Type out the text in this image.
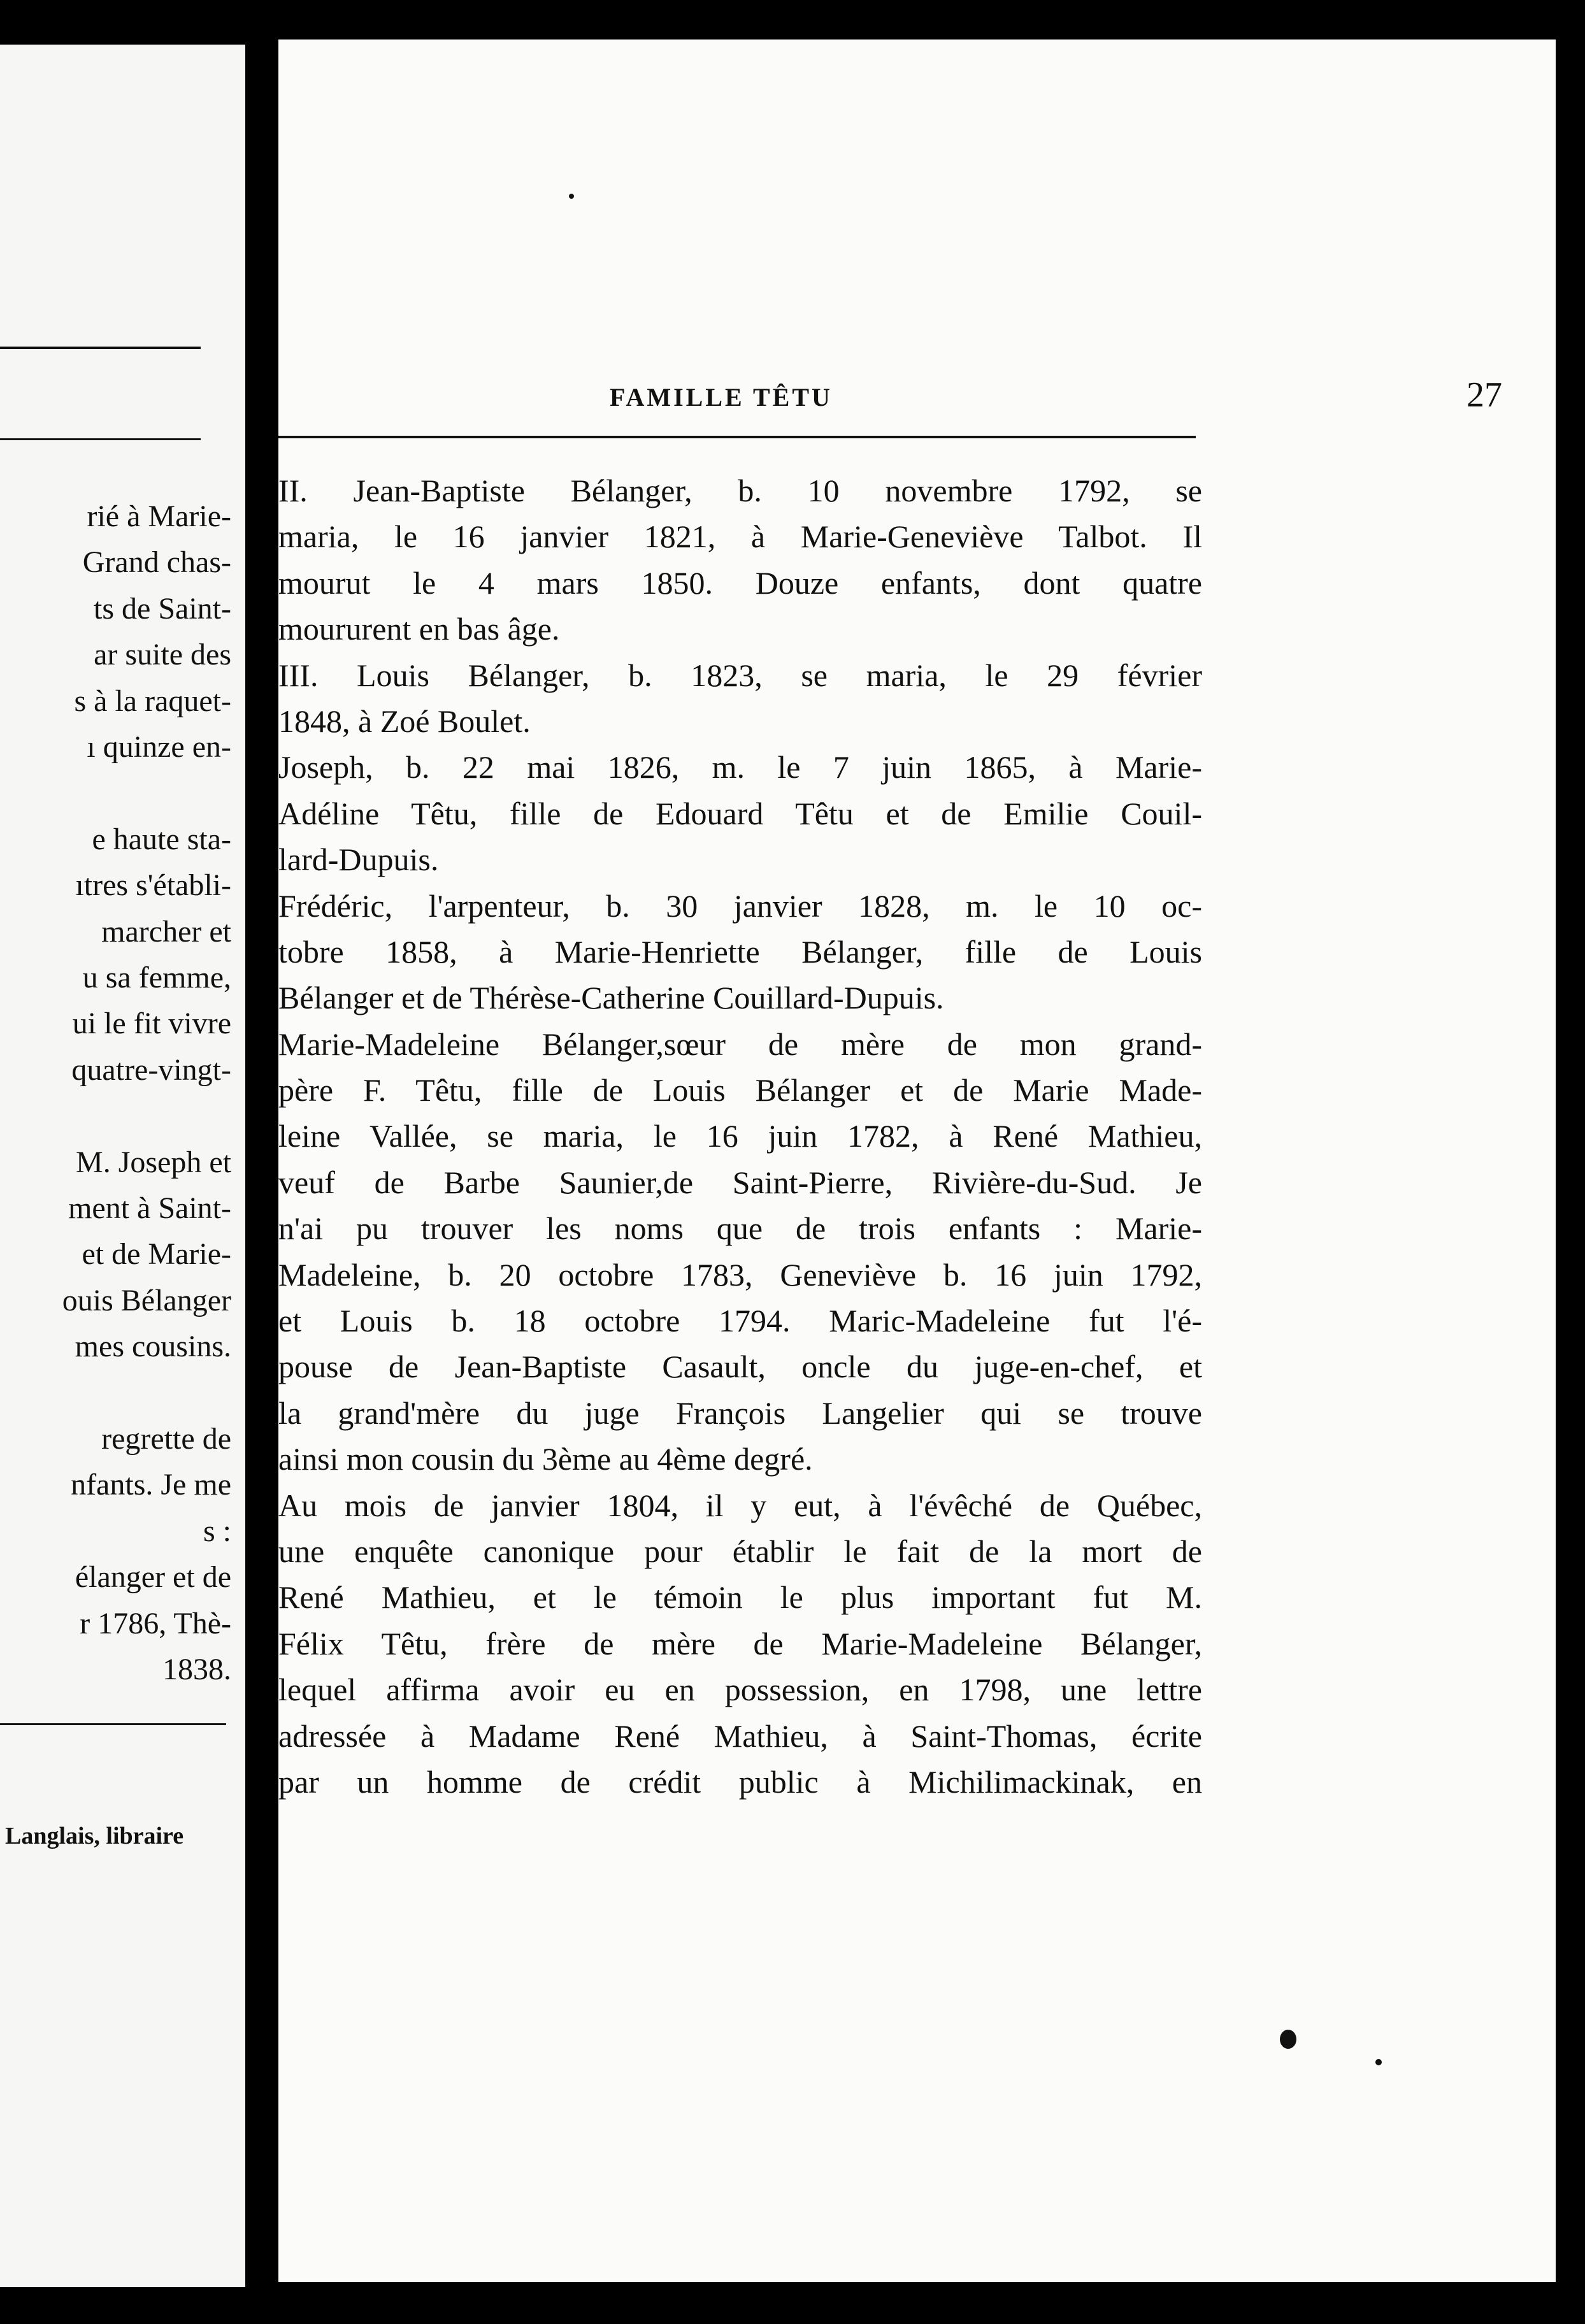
rié à Marie-
Grand chas-
ts de Saint-
ar suite des
s à la raquet-
ı quinze en-
e haute sta-
ıtres s'établi-
marcher et
u sa femme,
ui le fit vivre
quatre-vingt-
M. Joseph et
ment à Saint-
et de Marie-
ouis Bélanger
mes cousins.
regrette de
nfants. Je me
s :
élanger et de
r 1786, Thè-
1838.
Langlais, libraire
FAMILLE TÊTU	27
II. Jean-Baptiste Bélanger, b. 10 novembre 1792, se
maria, le 16 janvier 1821, à Marie-Geneviève Talbot. Il
mourut le 4 mars 1850. Douze enfants, dont quatre
moururent en bas âge.
III. Louis Bélanger, b. 1823, se maria, le 29 février
1848, à Zoé Boulet.
Joseph, b. 22 mai 1826, m. le 7 juin 1865, à Marie-
Adéline Têtu, fille de Edouard Têtu et de Emilie Couil-
lard-Dupuis.
Frédéric, l'arpenteur, b. 30 janvier 1828, m. le 10 oc-
tobre 1858, à Marie-Henriette Bélanger, fille de Louis
Bélanger et de Thérèse-Catherine Couillard-Dupuis.
Marie-Madeleine Bélanger,sœur de mère de mon grand-
père F. Têtu, fille de Louis Bélanger et de Marie Made-
leine Vallée, se maria, le 16 juin 1782, à René Mathieu,
veuf de Barbe Saunier,de Saint-Pierre, Rivière-du-Sud. Je
n'ai pu trouver les noms que de trois enfants : Marie-
Madeleine, b. 20 octobre 1783, Geneviève b. 16 juin 1792,
et Louis b. 18 octobre 1794. Maric-Madeleine fut l'é-
pouse de Jean-Baptiste Casault, oncle du juge-en-chef, et
la grand'mère du juge François Langelier qui se trouve
ainsi mon cousin du 3ème au 4ème degré.
Au mois de janvier 1804, il y eut, à l'évêché de Québec,
une enquête canonique pour établir le fait de la mort de
René Mathieu, et le témoin le plus important fut M.
Félix Têtu, frère de mère de Marie-Madeleine Bélanger,
lequel affirma avoir eu en possession, en 1798, une lettre
adressée à Madame René Mathieu, à Saint-Thomas, écrite
par un homme de crédit public à Michilimackinak, en
